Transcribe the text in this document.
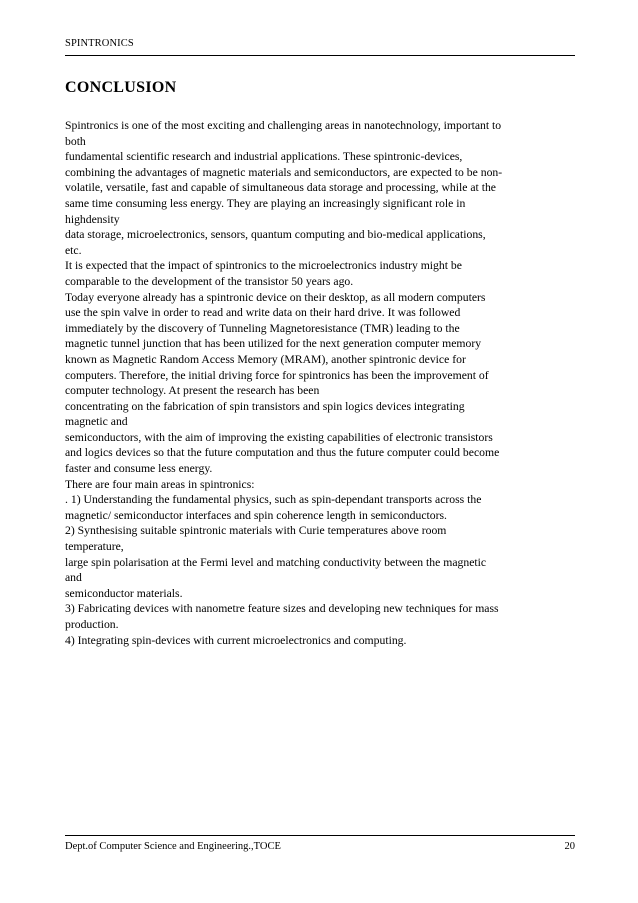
SPINTRONICS
CONCLUSION
Spintronics is one of the most exciting and challenging areas in nanotechnology, important to
both
fundamental scientific research and industrial applications. These spintronic-devices,
combining the advantages of magnetic materials and semiconductors, are expected to be non-
volatile, versatile, fast and capable of simultaneous data storage and processing, while at the
same time consuming less energy. They are playing an increasingly significant role in
highdensity
data storage, microelectronics, sensors, quantum computing and bio-medical applications,
etc.
It is expected that the impact of spintronics to the microelectronics industry might be
comparable to the development of the transistor 50 years ago.
Today everyone already has a spintronic device on their desktop, as all modern computers
use the spin valve in order to read and write data on their hard drive. It was followed
immediately by the discovery of Tunneling Magnetoresistance (TMR) leading to the
magnetic tunnel junction that has been utilized for the next generation computer memory
known as Magnetic Random Access Memory (MRAM), another spintronic device for
computers. Therefore, the initial driving force for spintronics has been the improvement of
computer technology. At present the research has been
concentrating on the fabrication of spin transistors and spin logics devices integrating
magnetic and
semiconductors, with the aim of improving the existing capabilities of electronic transistors
and logics devices so that the future computation and thus the future computer could become
faster and consume less energy.
There are four main areas in spintronics:
. 1) Understanding the fundamental physics, such as spin-dependant transports across the
magnetic/ semiconductor interfaces and spin coherence length in semiconductors.
2) Synthesising suitable spintronic materials with Curie temperatures above room
temperature,
large spin polarisation at the Fermi level and matching conductivity between the magnetic
and
semiconductor materials.
3) Fabricating devices with nanometre feature sizes and developing new techniques for mass
production.
4) Integrating spin-devices with current microelectronics and computing.
Dept.of Computer Science and Engineering.,TOCE	20
